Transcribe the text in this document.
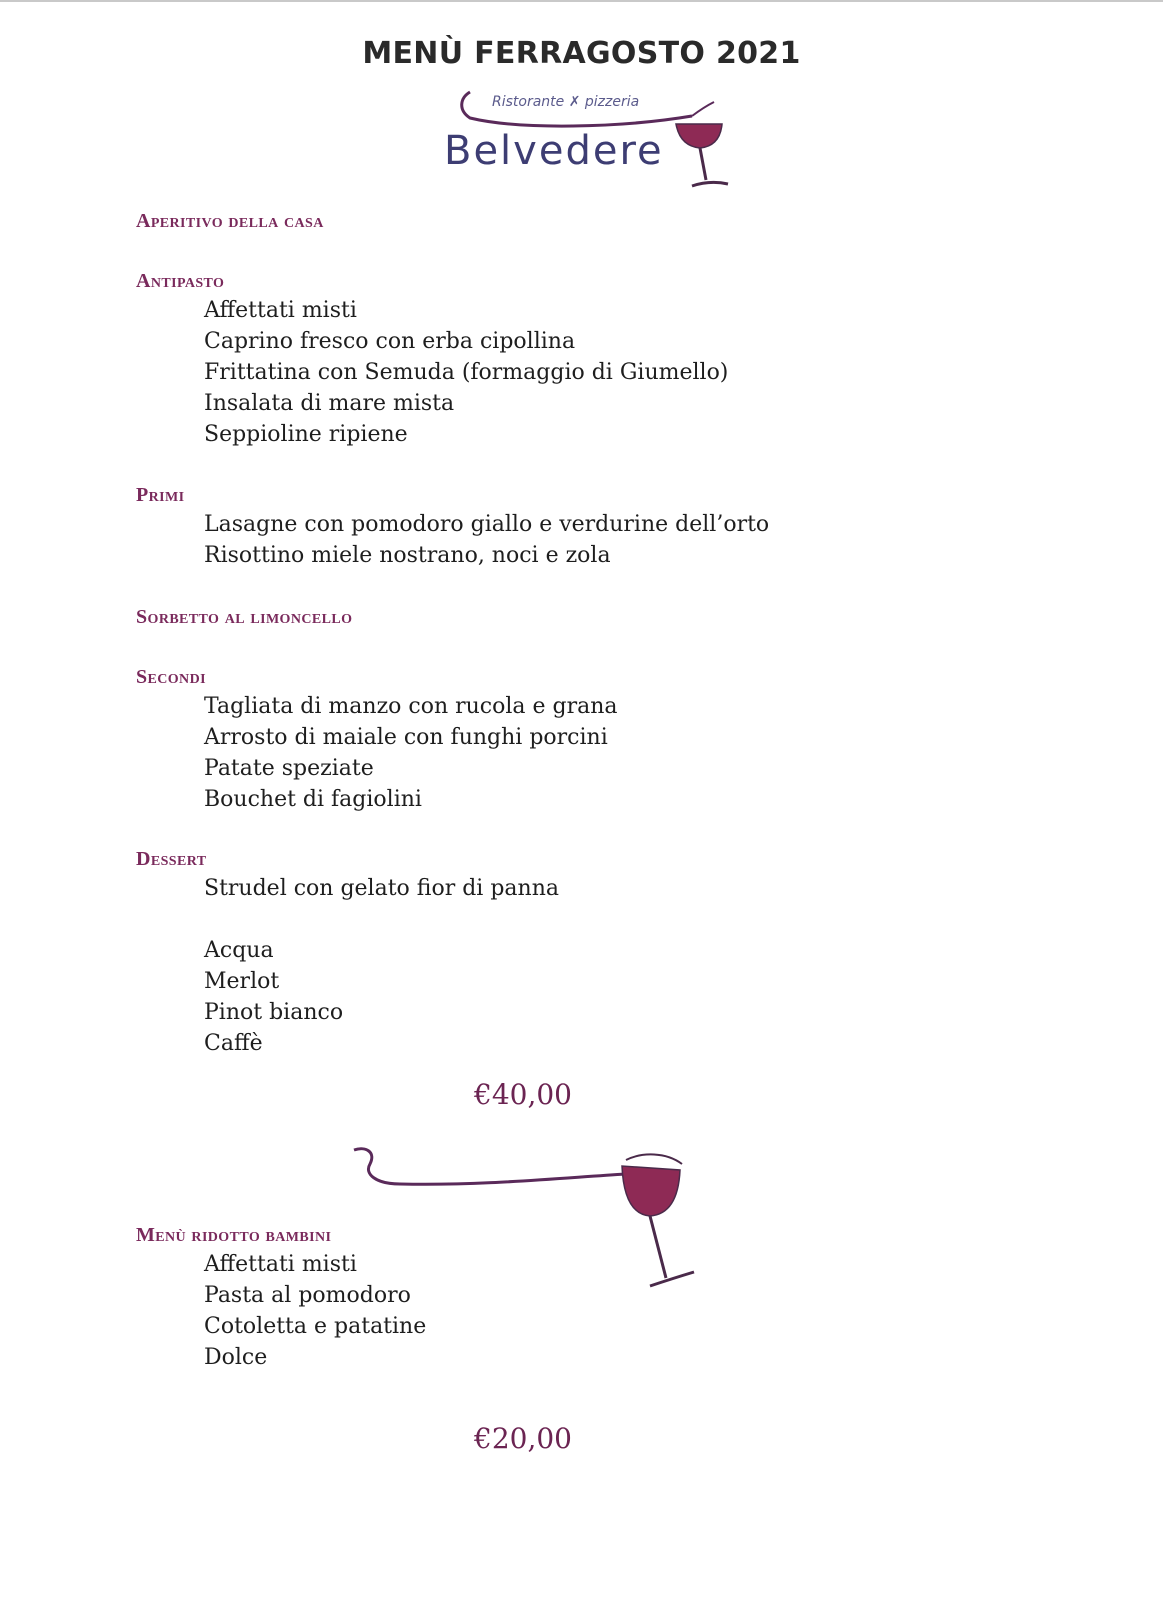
MENÙ FERRAGOSTO 2021
Ristorante ✗ pizzeria
Belvedere
Aperitivo della casa
Antipasto
Affettati misti
Caprino fresco con erba cipollina
Frittatina con Semuda (formaggio di Giumello)
Insalata di mare mista
Seppioline ripiene
Primi
Lasagne con pomodoro giallo e verdurine dell’orto
Risottino miele nostrano, noci e zola
Sorbetto al limoncello
Secondi
Tagliata di manzo con rucola e grana
Arrosto di maiale con funghi porcini
Patate speziate
Bouchet di fagiolini
Dessert
Strudel con gelato fior di panna
Acqua
Merlot
Pinot bianco
Caffè
€40,00
Menù ridotto bambini
Affettati misti
Pasta al pomodoro
Cotoletta e patatine
Dolce
€20,00
